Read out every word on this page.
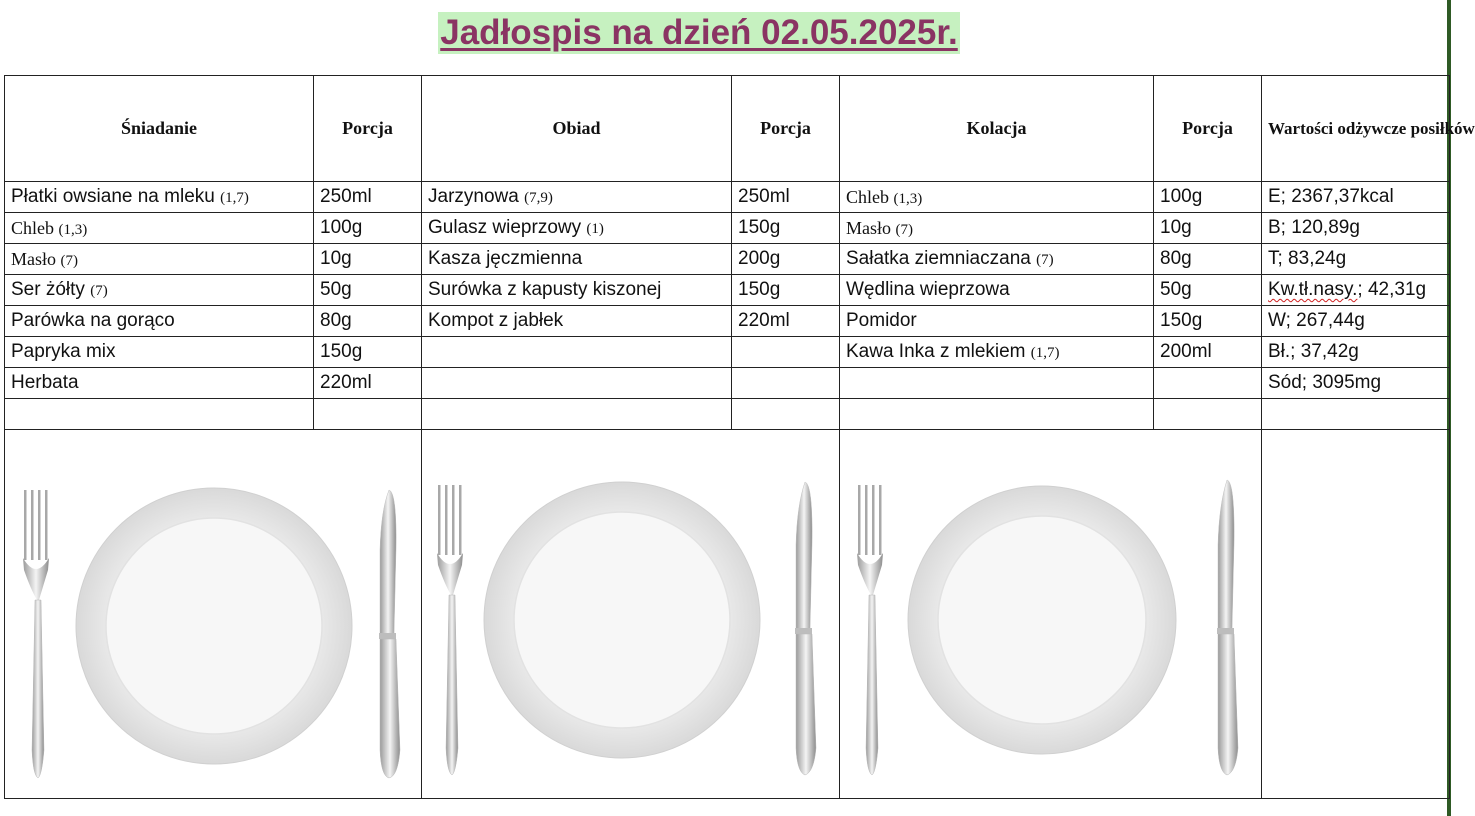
Jadłospis na dzień 02.05.2025r.
Śniadanie	Porcja	Obiad	Porcja	Kolacja	Porcja	Wartości odżywcze posiłków
Płatki owsiane na mleku (1,7)	250ml	Jarzynowa (7,9)	250ml	Chleb (1,3)	100g	E; 2367,37kcal
Chleb (1,3)	100g	Gulasz wieprzowy (1)	150g	Masło (7)	10g	B; 120,89g
Masło (7)	10g	Kasza jęczmienna	200g	Sałatka ziemniaczana (7)	80g	T; 83,24g
Ser żółty (7)	50g	Surówka z kapusty kiszonej	150g	Wędlina wieprzowa	50g	Kw.tł.nasy.; 42,31g
Parówka na gorąco	80g	Kompot z jabłek	220ml	Pomidor	150g	W; 267,44g
Papryka mix	150g			Kawa Inka z mlekiem (1,7)	200ml	Bł.; 37,42g
Herbata	220ml					Sód; 3095mg
